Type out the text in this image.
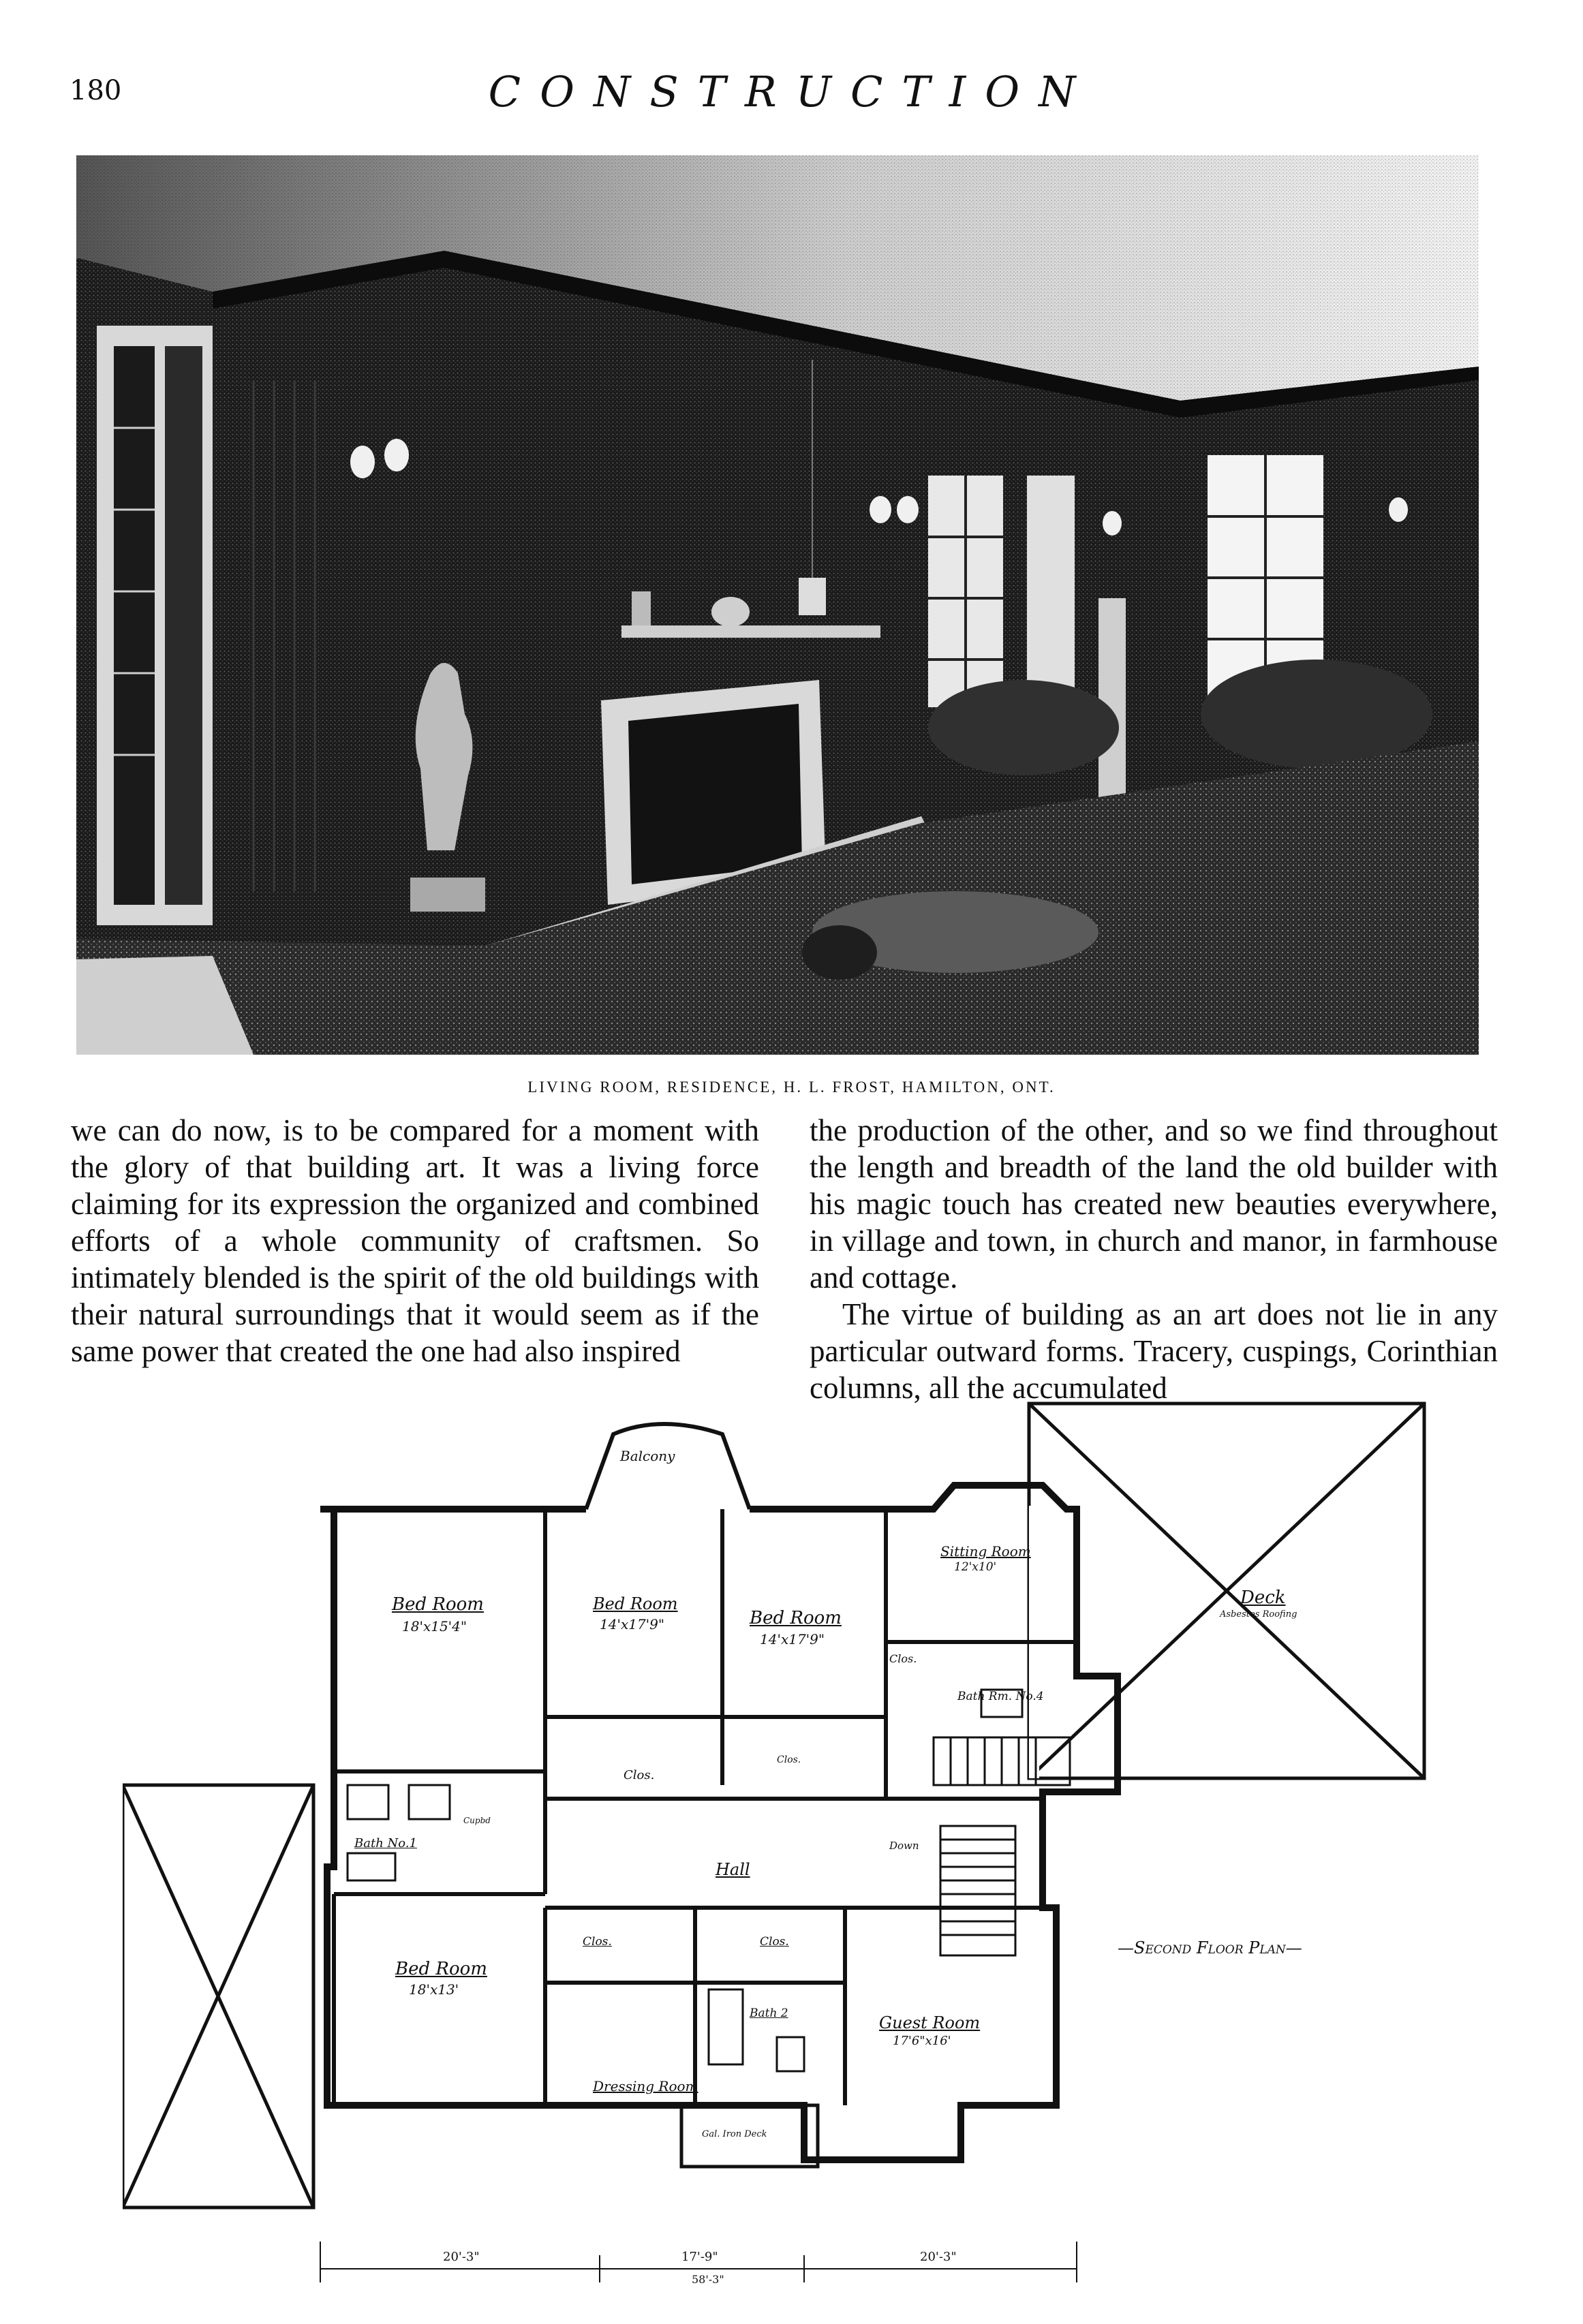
180	CONSTRUCTION
LIVING ROOM, RESIDENCE, H. L. FROST, HAMILTON, ONT.

we can do now, is to be compared for a moment with the glory of that building art. It was a living force claiming for its expression the organized and combined efforts of a whole community of craftsmen. So intimately blended is the spirit of the old buildings with their natural surroundings that it would seem as if the same power that created the one had also inspired

the production of the other, and so we find throughout the length and breadth of the land the old builder with his magic touch has created new beauties everywhere, in village and town, in church and manor, in farmhouse and cottage.

The virtue of building as an art does not lie in any particular outward forms. Tracery, cuspings, Corinthian columns, all the accumulated

Balcony
Bed Room
18'x15'4"
Bed Room
14'x17'9"	Bed Room
14'x17'9"
Sitting Room
12'x10'
Bath Rm. No.4
Clos.
Clos.
Clos.
Deck
Asbestos Roofing
Bath No.1
Cupbd
Hall
Down
Bed Room
18'x13'
Clos.	Clos.
Bath 2	Guest Room
17'6"x16'
Dressing Room
Gal. Iron Deck
—Second Floor Plan—
20'-3"	17'-9"	20'-3"
58'-3"
